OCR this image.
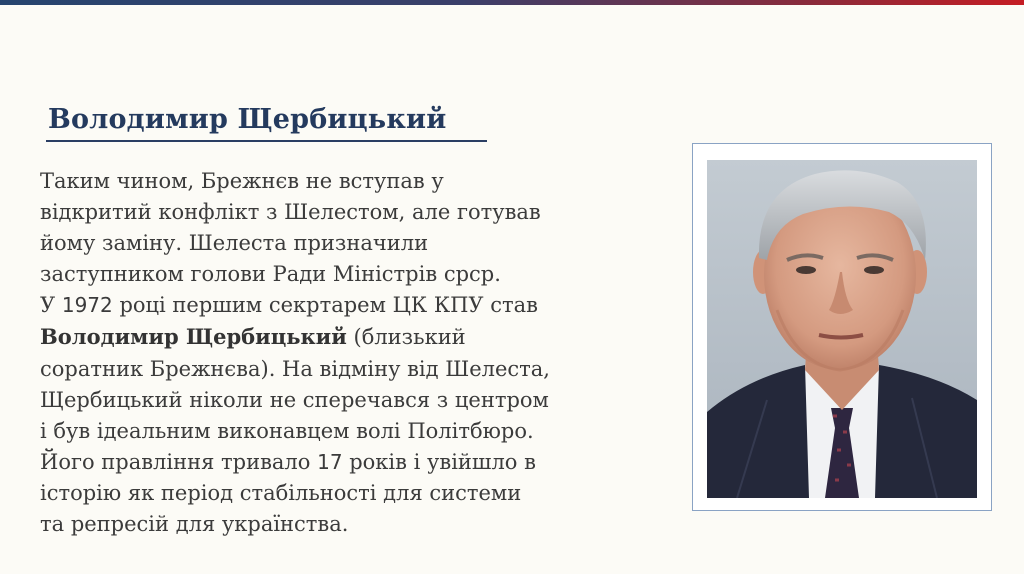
Володимир Щербицький

Таким чином, Брежнєв не вступав у
відкритий конфлікт з Шелестом, але готував
йому заміну. Шелеста призначили
заступником голови Ради Міністрів срср.
У 1972 році першим секртарем ЦК КПУ став
Володимир Щербицький (близький
соратник Брежнєва). На відміну від Шелеста,
Щербицький ніколи не сперечався з центром
і був ідеальним виконавцем волі Політбюро.
Його правління тривало 17 років і увійшло в
історію як період стабільності для системи
та репресій для українства.
